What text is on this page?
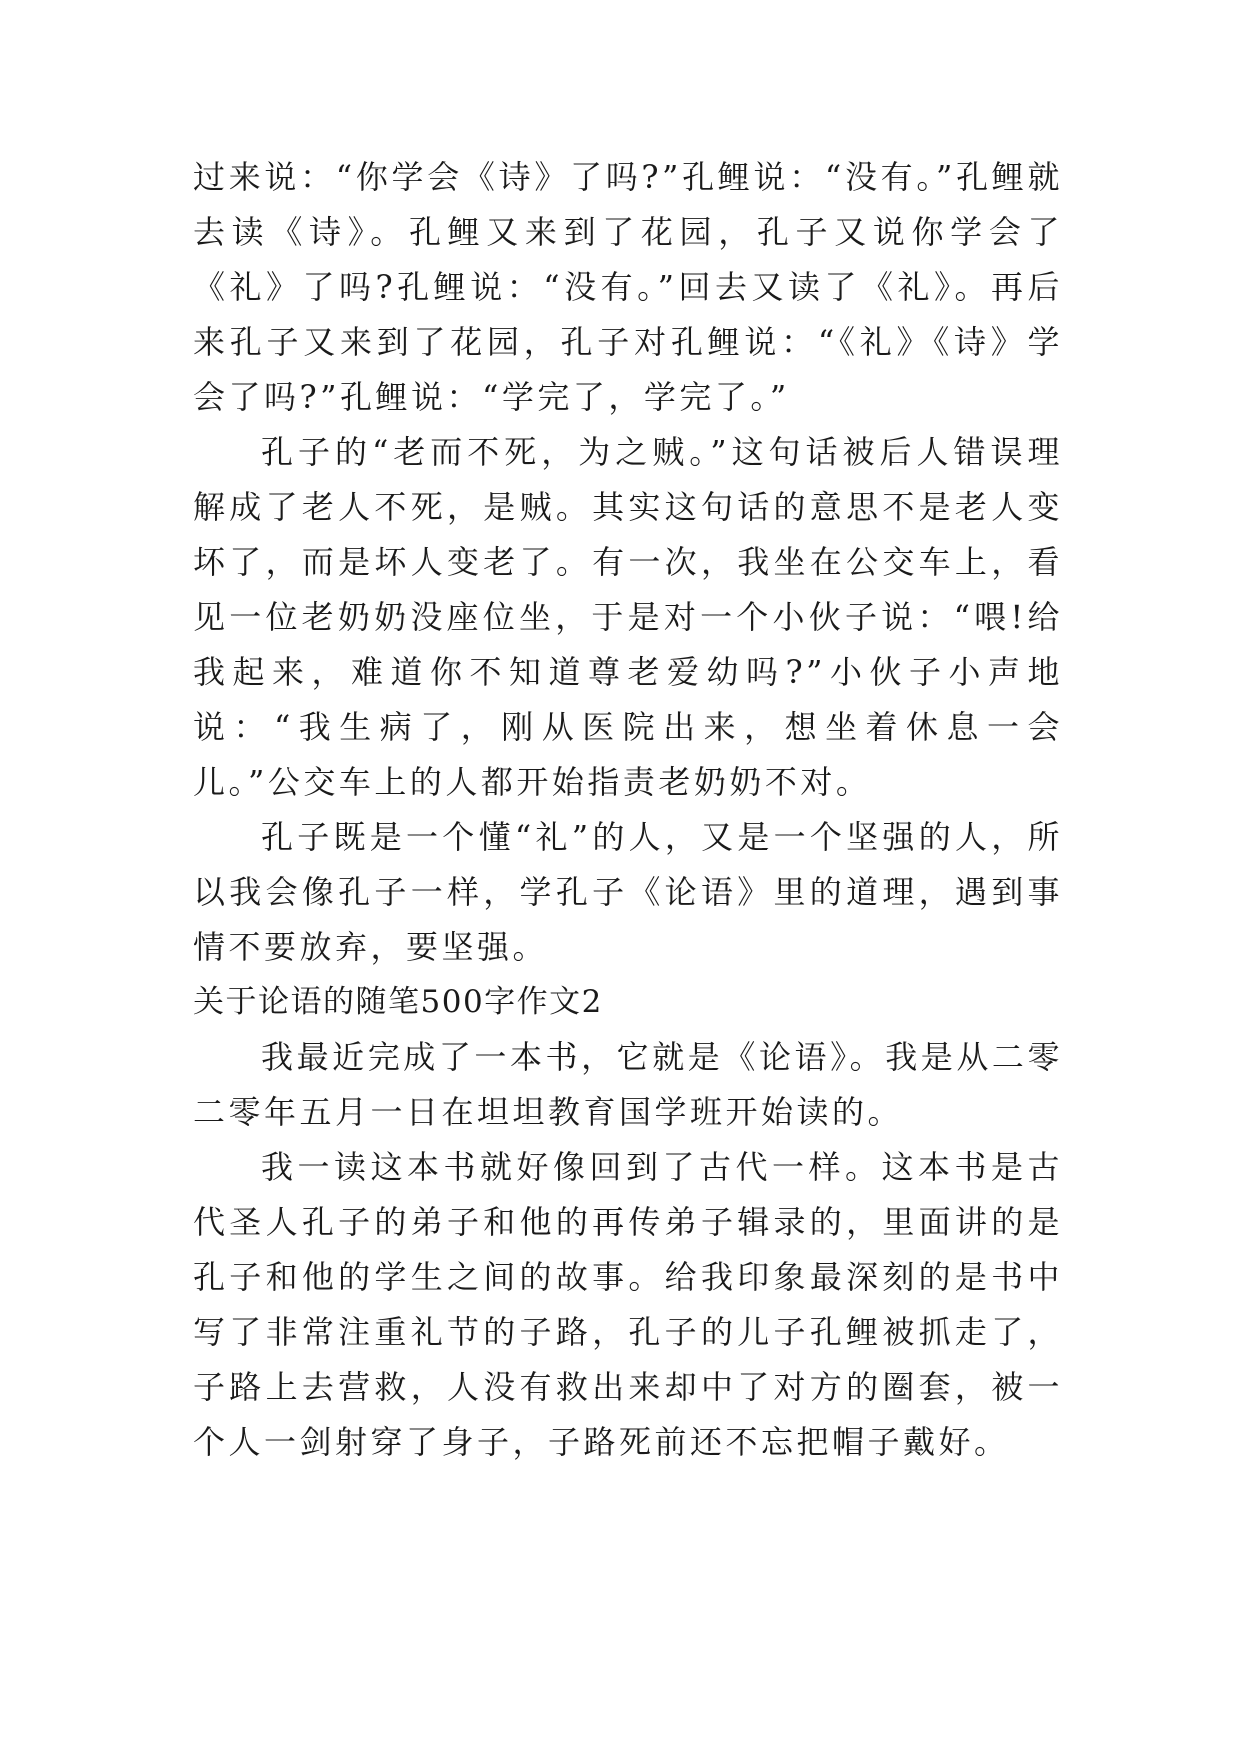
过来说：“你学会《诗》了吗?”孔鲤说：“没有。”孔鲤就去读《诗》。孔鲤又来到了花园，孔子又说你学会了《礼》了吗?孔鲤说：“没有。”回去又读了《礼》。再后来孔子又来到了花园，孔子对孔鲤说：“《礼》《诗》学会了吗?”孔鲤说：“学完了，学完了。”

孔子的“老而不死，为之贼。”这句话被后人错误理解成了老人不死，是贼。其实这句话的意思不是老人变坏了，而是坏人变老了。有一次，我坐在公交车上，看见一位老奶奶没座位坐，于是对一个小伙子说：“喂!给我起来，难道你不知道尊老爱幼吗?”小伙子小声地说：“我生病了，刚从医院出来，想坐着休息一会儿。”公交车上的人都开始指责老奶奶不对。

孔子既是一个懂“礼”的人，又是一个坚强的人，所以我会像孔子一样，学孔子《论语》里的道理，遇到事情不要放弃，要坚强。

关于论语的随笔500字作文2

我最近完成了一本书，它就是《论语》。我是从二零二零年五月一日在坦坦教育国学班开始读的。

我一读这本书就好像回到了古代一样。这本书是古代圣人孔子的弟子和他的再传弟子辑录的，里面讲的是孔子和他的学生之间的故事。给我印象最深刻的是书中写了非常注重礼节的子路，孔子的儿子孔鲤被抓走了，子路上去营救，人没有救出来却中了对方的圈套，被一个人一剑射穿了身子，子路死前还不忘把帽子戴好。
